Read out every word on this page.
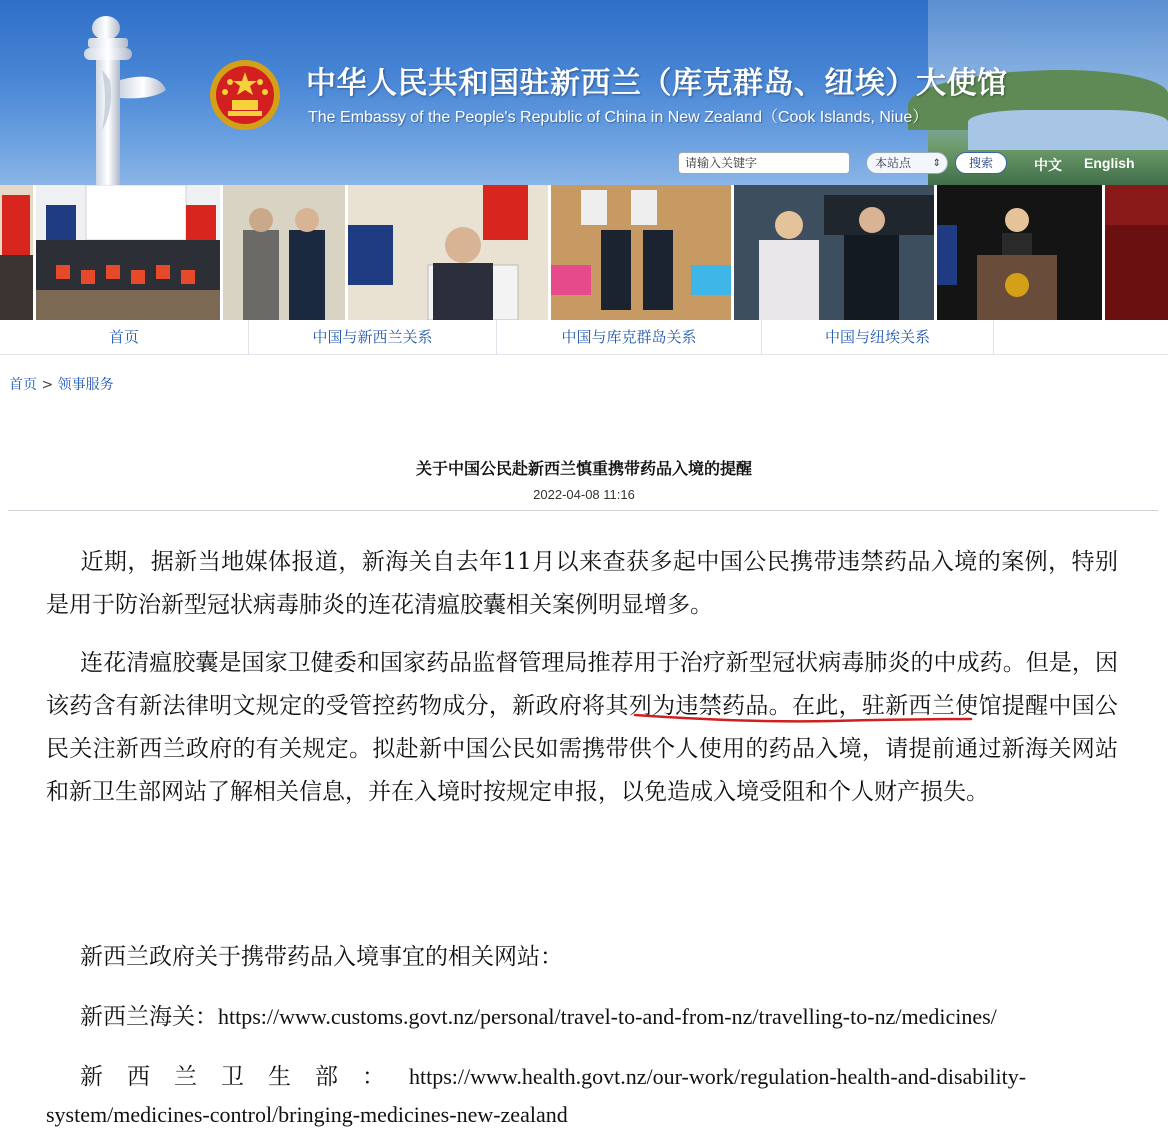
中华人民共和国驻新西兰（库克群岛、纽埃）大使馆
The Embassy of the People's Republic of China in New Zealand（Cook Islands, Niue）
请输入关键字	本站点 ⇕	搜索	中文 English
首页	中国与新西兰关系	中国与库克群岛关系	中国与纽埃关系
首页 > 领事服务
关于中国公民赴新西兰慎重携带药品入境的提醒
2022-04-08 11:16
近期，据新当地媒体报道，新海关自去年11月以来查获多起中国公民携带违禁药品入境的案例，特别是用于防治新型冠状病毒肺炎的连花清瘟胶囊相关案例明显增多。
连花清瘟胶囊是国家卫健委和国家药品监督管理局推荐用于治疗新型冠状病毒肺炎的中成药。但是，因该药含有新法律明文规定的受管控药物成分，新政府将其列为违禁药品。在此，驻新西兰使馆提醒中国公民关注新西兰政府的有关规定。拟赴新中国公民如需携带供个人使用的药品入境，请提前通过新海关网站和新卫生部网站了解相关信息，并在入境时按规定申报，以免造成入境受阻和个人财产损失。
新西兰政府关于携带药品入境事宜的相关网站：
新西兰海关：https://www.customs.govt.nz/personal/travel-to-and-from-nz/travelling-to-nz/medicines/
新西兰卫生部：https://www.health.govt.nz/our-work/regulation-health-and-disability-
system/medicines-control/bringing-medicines-new-zealand
